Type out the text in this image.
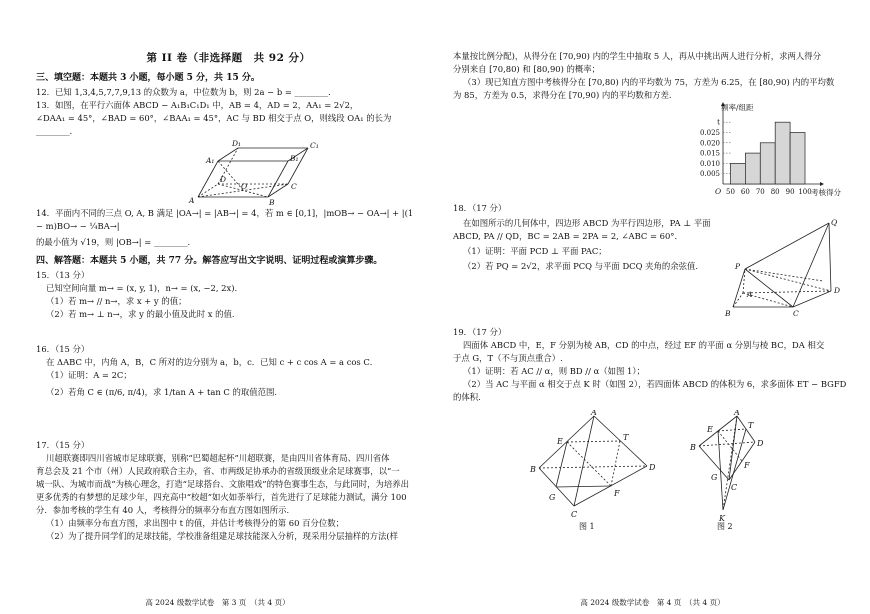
第 II 卷（非选择题　共 92 分）
三、填空题：本题共 3 小题，每小题 5 分，共 15 分。

12．已知 1,3,4,5,7,7,9,13 的众数为 a，中位数为 b，则 2a − b = ________.

13．如图，在平行六面体 ABCD − A₁B₁C₁D₁ 中，AB = 4，AD = 2，AA₁ = 2√2，

∠DAA₁ = 45°，∠BAD = 60°，∠BAA₁ = 45°，AC 与 BD 相交于点 O，则线段 OA₁ 的长为________.

A₁	B₁
C₁
D₁
A	B
C
D
O

14．平面内不同的三点 O, A, B 满足 |OA→| = |AB→| = 4，若 m ∈ [0,1]，|mOB→ − OA→| + |(1 − m)BO→ − ¼BA→|

的最小值为 √19，则 |OB→| = ________.

四、解答题：本题共 5 小题，共 77 分。解答应写出文字说明、证明过程或演算步骤。

15．（13 分）

已知空间向量 m→ = (x, y, 1)，n→ = (x, −2, 2x).

（1）若 m→ // n→，求 x + y 的值；

（2）若 m→ ⊥ n→，求 y 的最小值及此时 x 的值.

16．（15 分）

在 ΔABC 中，内角 A，B，C 所对的边分别为 a，b，c．已知 c + c cos A = a cos C．

（1）证明：A = 2C；

（2）若角 C ∈ (π/6, π/4)，求 1/tan A + tan C 的取值范围.

17．（15 分）

川超联赛即四川省城市足球联赛，别称“巴蜀超起杯”川超联赛，是由四川省体育局、四川省体

育总会及 21 个市（州）人民政府联合主办，省、市两级足协承办的省级顶级业余足球赛事，以“一

城一队、为城市而战”为核心理念，打造“足球搭台、文旅唱戏”的特色赛事生态，与此同时，为培养出

更多优秀的有梦想的足球少年，四充高中“校超”如火如荼举行，首先进行了足球能力测试，满分 100

分．参加考核的学生有 40 人，考核得分的频率分布直方图如图所示．

（1）由频率分布直方图，求出图中 t 的值，并估计考核得分的第 60 百分位数；

（2）为了提升同学们的足球技能，学校准备组建足球技能深入分析，现采用分层抽样的方法(样

高 2024 级数学试卷　第 3 页　（共 4 页）

本量按比例分配)，从得分在 [70,90) 内的学生中抽取 5 人，再从中挑出两人进行分析，求两人得分

分别来自 [70,80) 和 [80,90) 的概率；

（3）现已知直方图中考核得分在 [70,80) 内的平均数为 75，方差为 6.25，在 [80,90) 内的平均数

为 85，方差为 0.5，求得分在 [70,90) 内的平均数和方差.

0.005
0.010
0.015
0.020
0.025
t
50 60 70 80 90 100
O
频率/组距
考核得分

18．（17 分）

在如图所示的几何体中，四边形 ABCD 为平行四边形，PA ⊥ 平面

ABCD, PA // QD，BC = 2AB = 2PA = 2, ∠ABC = 60°．

（1）证明：平面 PCD ⊥ 平面 PAC；

（2）若 PQ = 2√2，求平面 PCQ 与平面 DCQ 夹角的余弦值.

Q
P
A
B	C
D

19．（17 分）

四面体 ABCD 中，E，F 分别为棱 AB，CD 的中点，经过 EF 的平面 α 分别与棱 BC，DA 相交

于点 G，T（不与顶点重合）.

（1）证明：若 AC // α，则 BD // α（如图 1）；

（2）当 AC 与平面 α 相交于点 K 时（如图 2），若四面体 ABCD 的体积为 6，求多面体 ET − BGFD

的体积.

A
B
C
D
E
F
G
T
图 1
A
B
C
D
E
F
G
T
K
图 2
高 2024 级数学试卷　第 4 页　（共 4 页）
